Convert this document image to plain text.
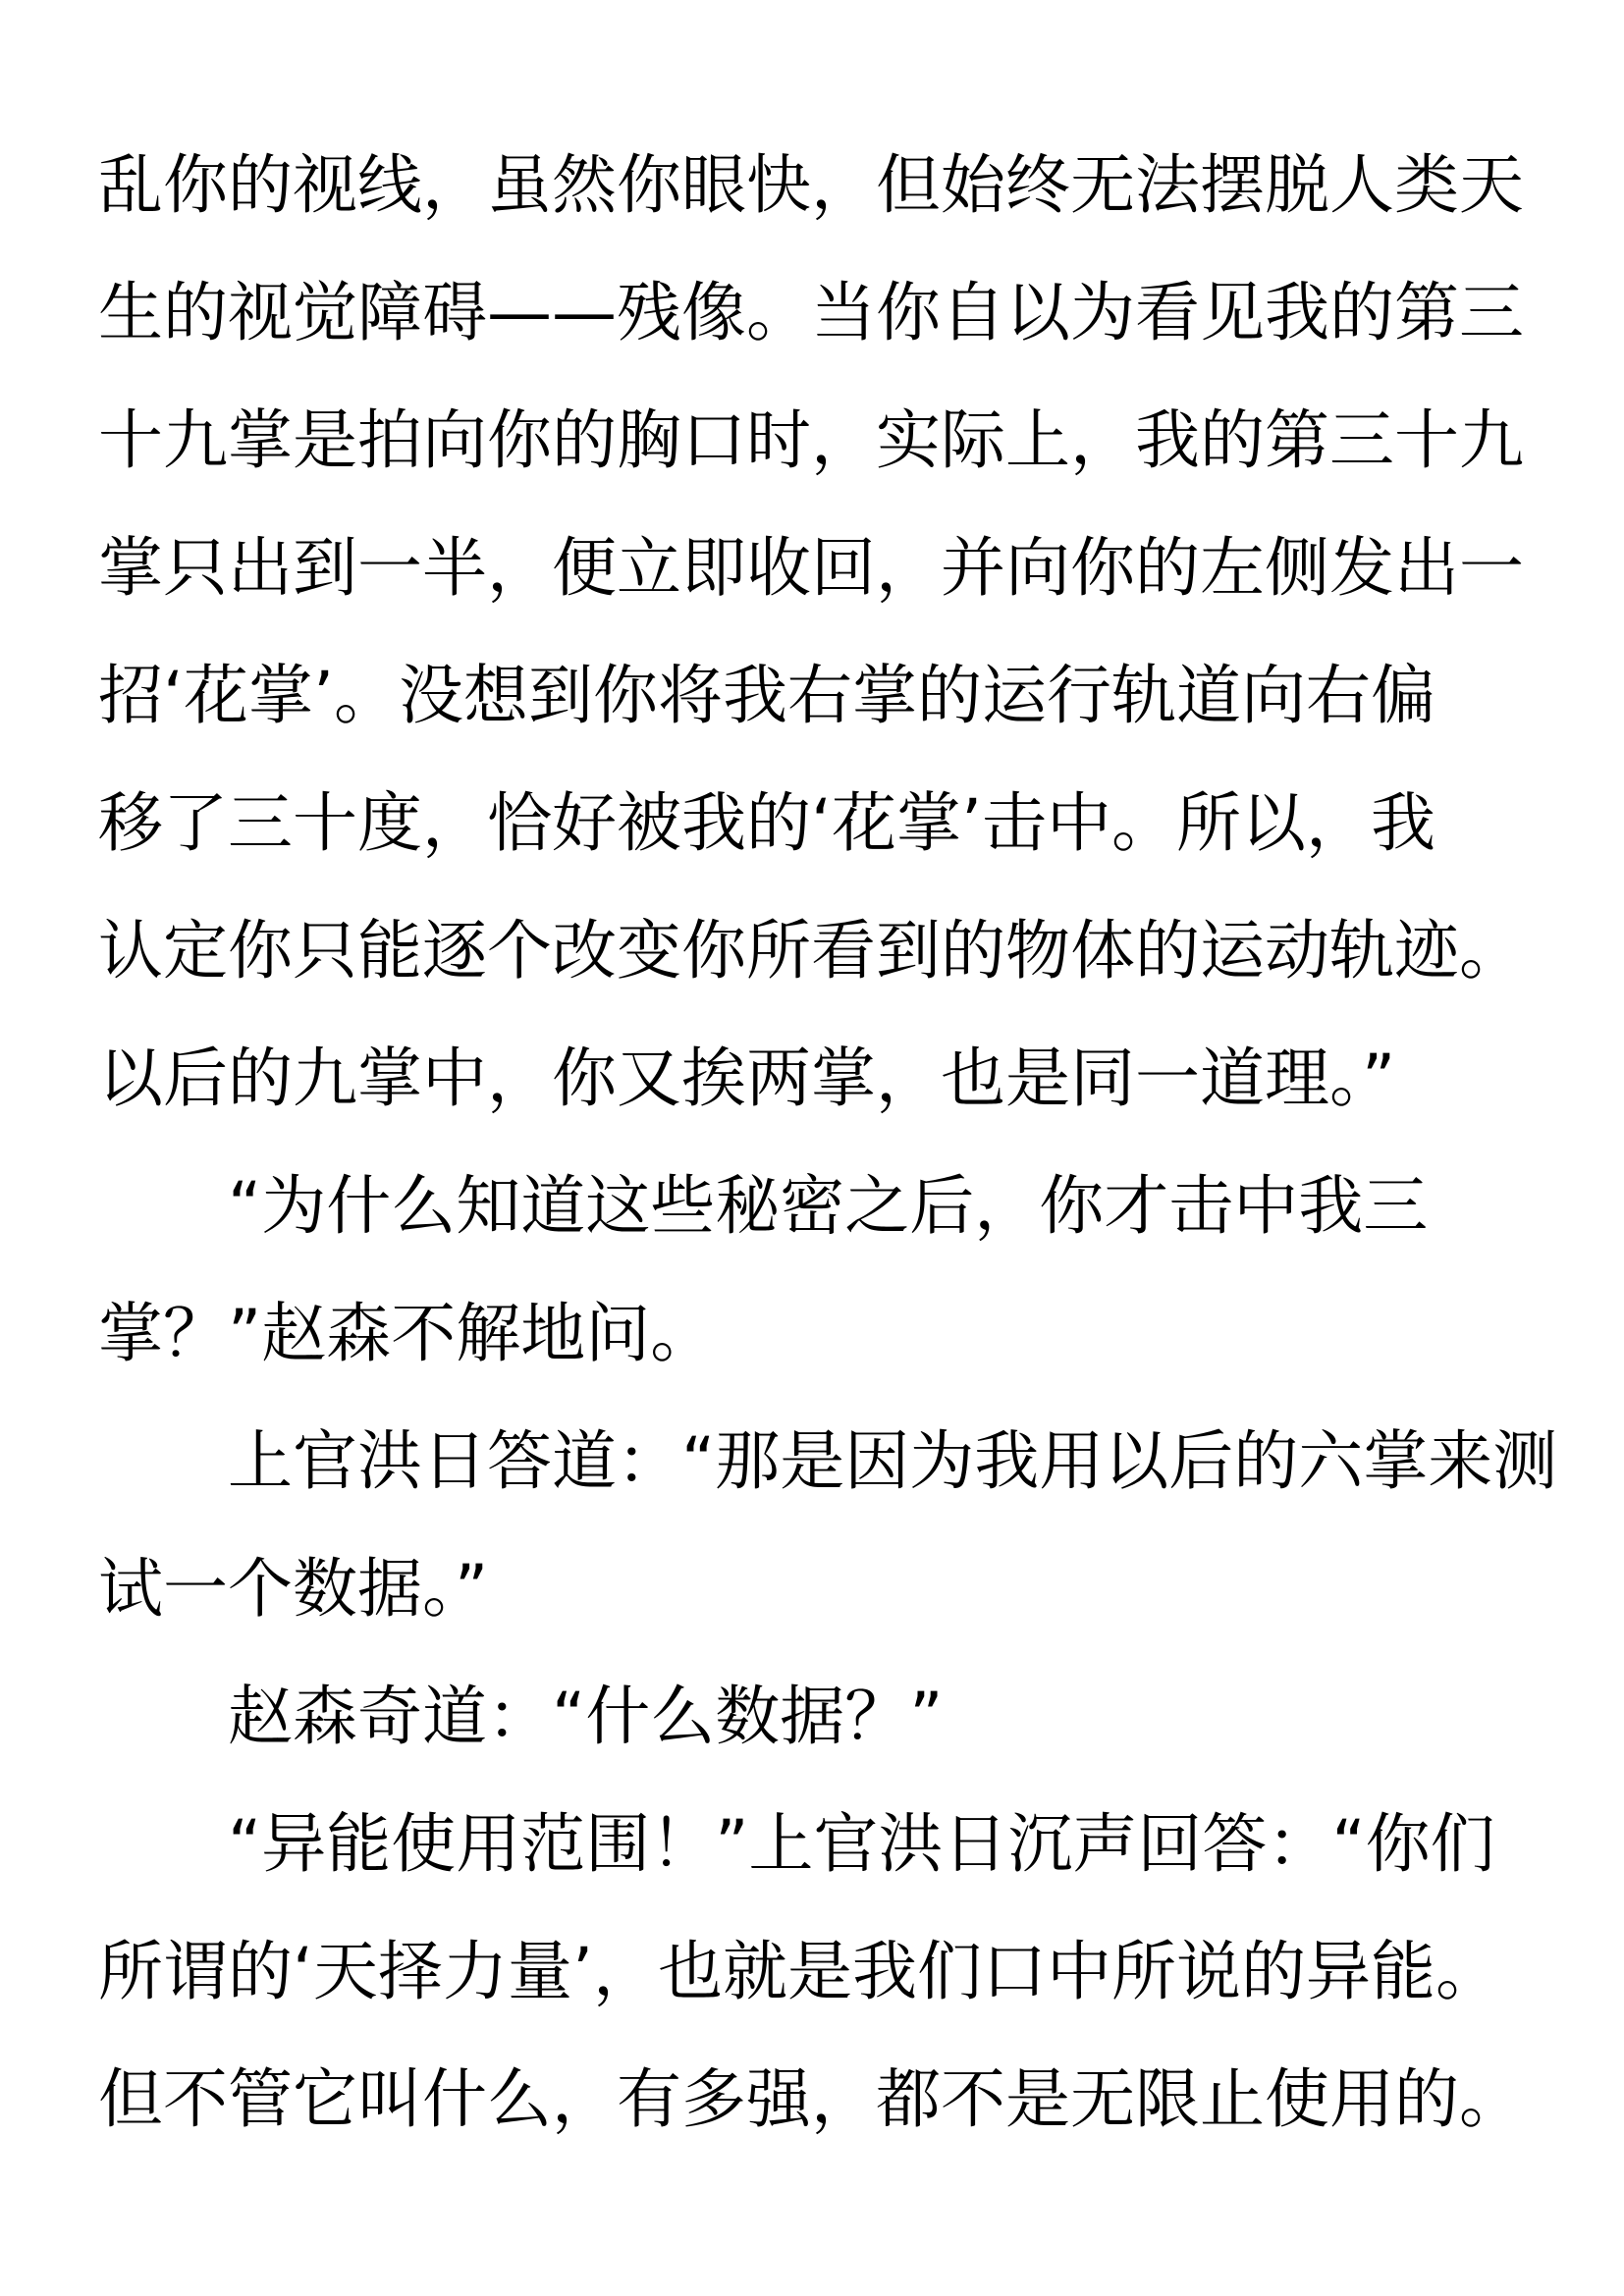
乱你的视线，虽然你眼快，但始终无法摆脱人类天
生的视觉障碍——残像。当你自以为看见我的第三
十九掌是拍向你的胸口时，实际上，我的第三十九
掌只出到一半，便立即收回，并向你的左侧发出一
招‘花掌’。没想到你将我右掌的运行轨道向右偏
移了三十度，恰好被我的‘花掌’击中。所以，我
认定你只能逐个改变你所看到的物体的运动轨迹。
以后的九掌中，你又挨两掌，也是同一道理。”
“为什么知道这些秘密之后，你才击中我三
掌？”赵森不解地问。
上官洪日答道：“那是因为我用以后的六掌来测
试一个数据。”
赵森奇道：“什么数据？”
“异能使用范围！”上官洪日沉声回答：“你们
所谓的‘天择力量’，也就是我们口中所说的异能。
但不管它叫什么，有多强，都不是无限止使用的。
